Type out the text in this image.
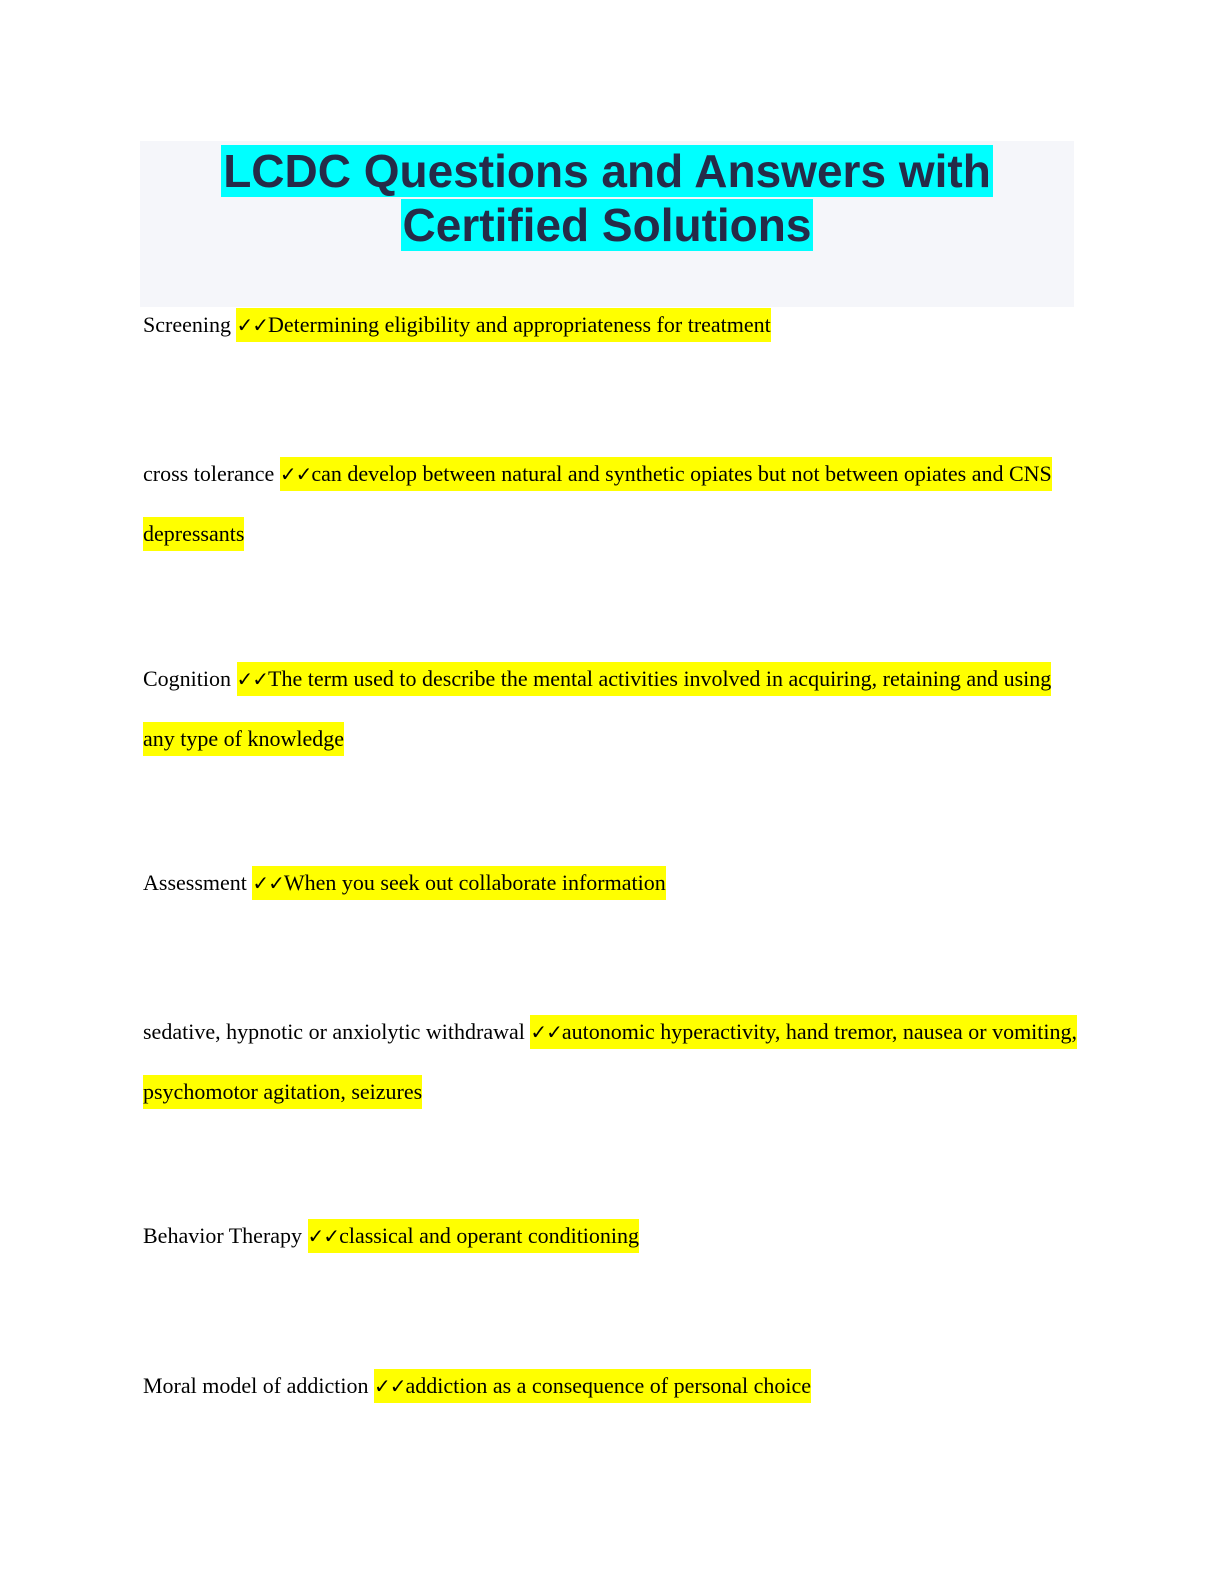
LCDC Questions and Answers with
Certified Solutions

Screening ✓✓Determining eligibility and appropriateness for treatment

cross tolerance ✓✓can develop between natural and synthetic opiates but not between opiates and CNS depressants

Cognition ✓✓The term used to describe the mental activities involved in acquiring, retaining and using any type of knowledge

Assessment ✓✓When you seek out collaborate information

sedative, hypnotic or anxiolytic withdrawal ✓✓autonomic hyperactivity, hand tremor, nausea or vomiting, psychomotor agitation, seizures

Behavior Therapy ✓✓classical and operant conditioning

Moral model of addiction ✓✓addiction as a consequence of personal choice
